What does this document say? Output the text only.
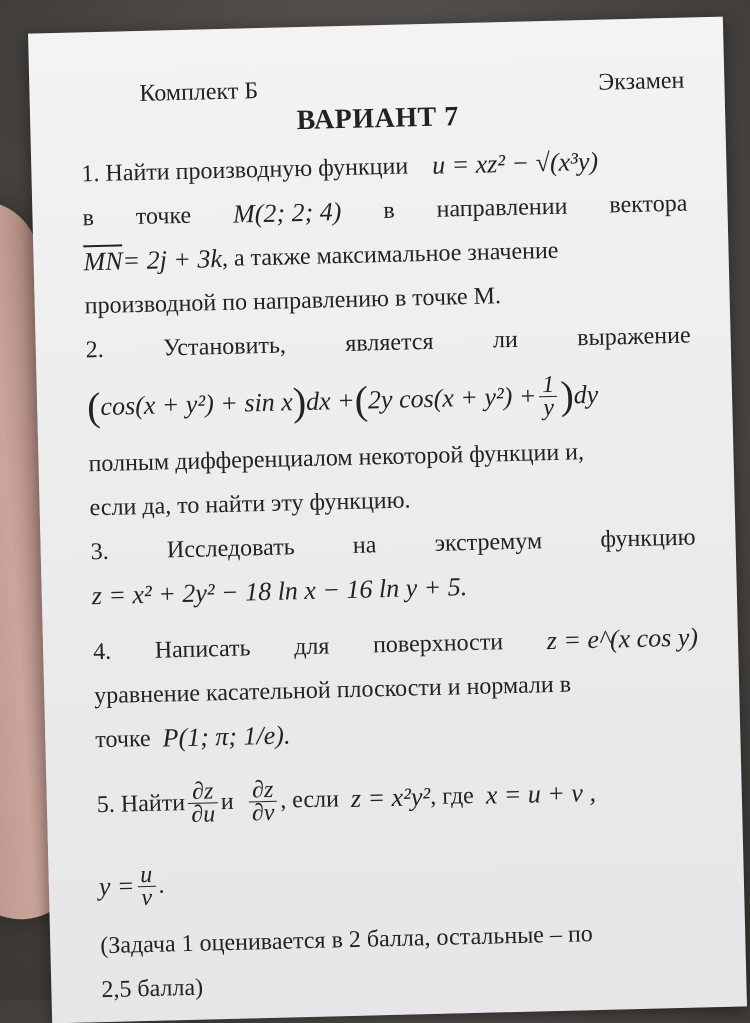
Комплект Б	Экзамен
ВАРИАНТ 7
1. Найти производную функции u = xz² − √(x³y)
в точке M(2; 2; 4) в направлении вектора
$\overline{MN} = 2j + 3k$ , а также максимальное значение
производной по направлению в точке M.
2. Установить, является ли выражение
( cos(x + y²) + sin x ) dx + ( 2y $\cos(x + y^2) + \frac{1}{y}$ ) dy
полным дифференциалом некоторой функции и,
если да, то найти эту функцию.
3. Исследовать на экстремум функцию
z = x² + 2y² − 18 ln x − 16 ln y + 5.
4. Написать для поверхности z = e^(x cos y)
уравнение касательной плоскости и нормали в
точке P(1; π; 1/e).
5. Найти $\frac{\partial z}{\partial u}$ и $\frac{\partial z}{\partial v}$ , если z = x²y² , где x = u + v ,
$y = \frac{u}{v}$ .
(Задача 1 оценивается в 2 балла, остальные – по
2,5 балла)
